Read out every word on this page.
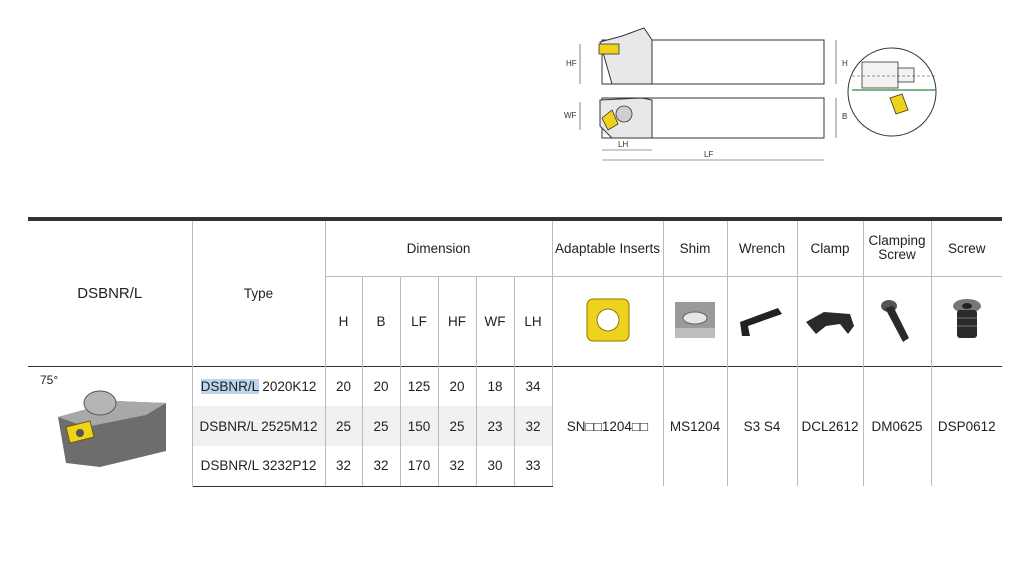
HF	H
WF	B
LH
LF

DSBNR/L	Type	Dimension						Adaptable Inserts	Shim	Wrench	Clamp	Clamping Screw	Screw
		H	B	LF	HF	WF	LH						

75°	DSBNR/L 2020K12	20	20	125	20	18	34	SN□□1204□□	MS1204	S3 S4	DCL2612	DM0625	DSP0612
	DSBNR/L 2525M12	25	25	150	25	23	32						
	DSBNR/L 3232P12	32	32	170	32	30	33						
